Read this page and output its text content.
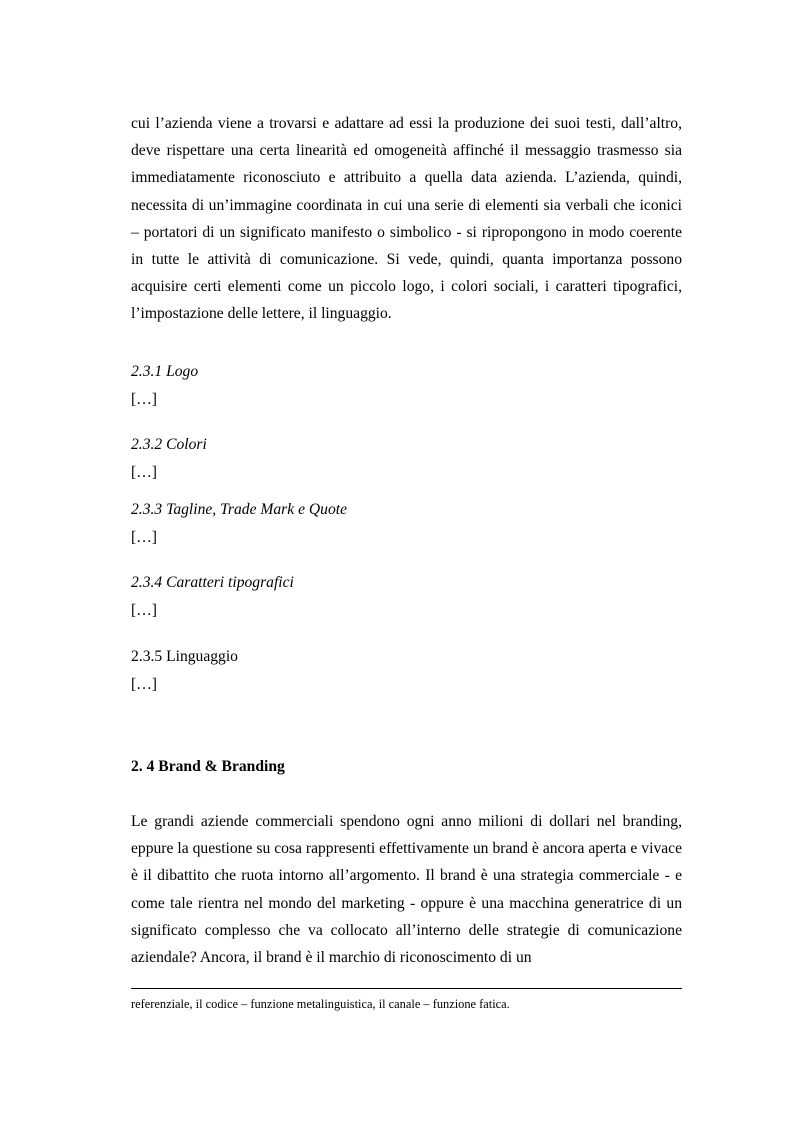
cui l’azienda viene a trovarsi e adattare ad essi la produzione dei suoi testi, dall’altro, deve rispettare una certa linearità ed omogeneità affinché il messaggio trasmesso sia immediatamente riconosciuto e attribuito a quella data azienda. L’azienda, quindi, necessita di un’immagine coordinata in cui una serie di elementi sia verbali che iconici – portatori di un significato manifesto o simbolico - si ripropongono in modo coerente in tutte le attività di comunicazione. Si vede, quindi, quanta importanza possono acquisire certi elementi come un piccolo logo, i colori sociali, i caratteri tipografici, l’impostazione delle lettere, il linguaggio.

2.3.1 Logo

[…]

2.3.2 Colori

[…]

2.3.3 Tagline, Trade Mark e Quote

[…]

2.3.4 Caratteri tipografici

[…]

2.3.5 Linguaggio

[…]

2. 4 Brand & Branding

Le grandi aziende commerciali spendono ogni anno milioni di dollari nel branding, eppure la questione su cosa rappresenti effettivamente un brand è ancora aperta e vivace è il dibattito che ruota intorno all’argomento. Il brand è una strategia commerciale - e come tale rientra nel mondo del marketing - oppure è una macchina generatrice di un significato complesso che va collocato all’interno delle strategie di comunicazione aziendale? Ancora, il brand è il marchio di riconoscimento di un

referenziale, il codice – funzione metalinguistica, il canale – funzione fatica.
